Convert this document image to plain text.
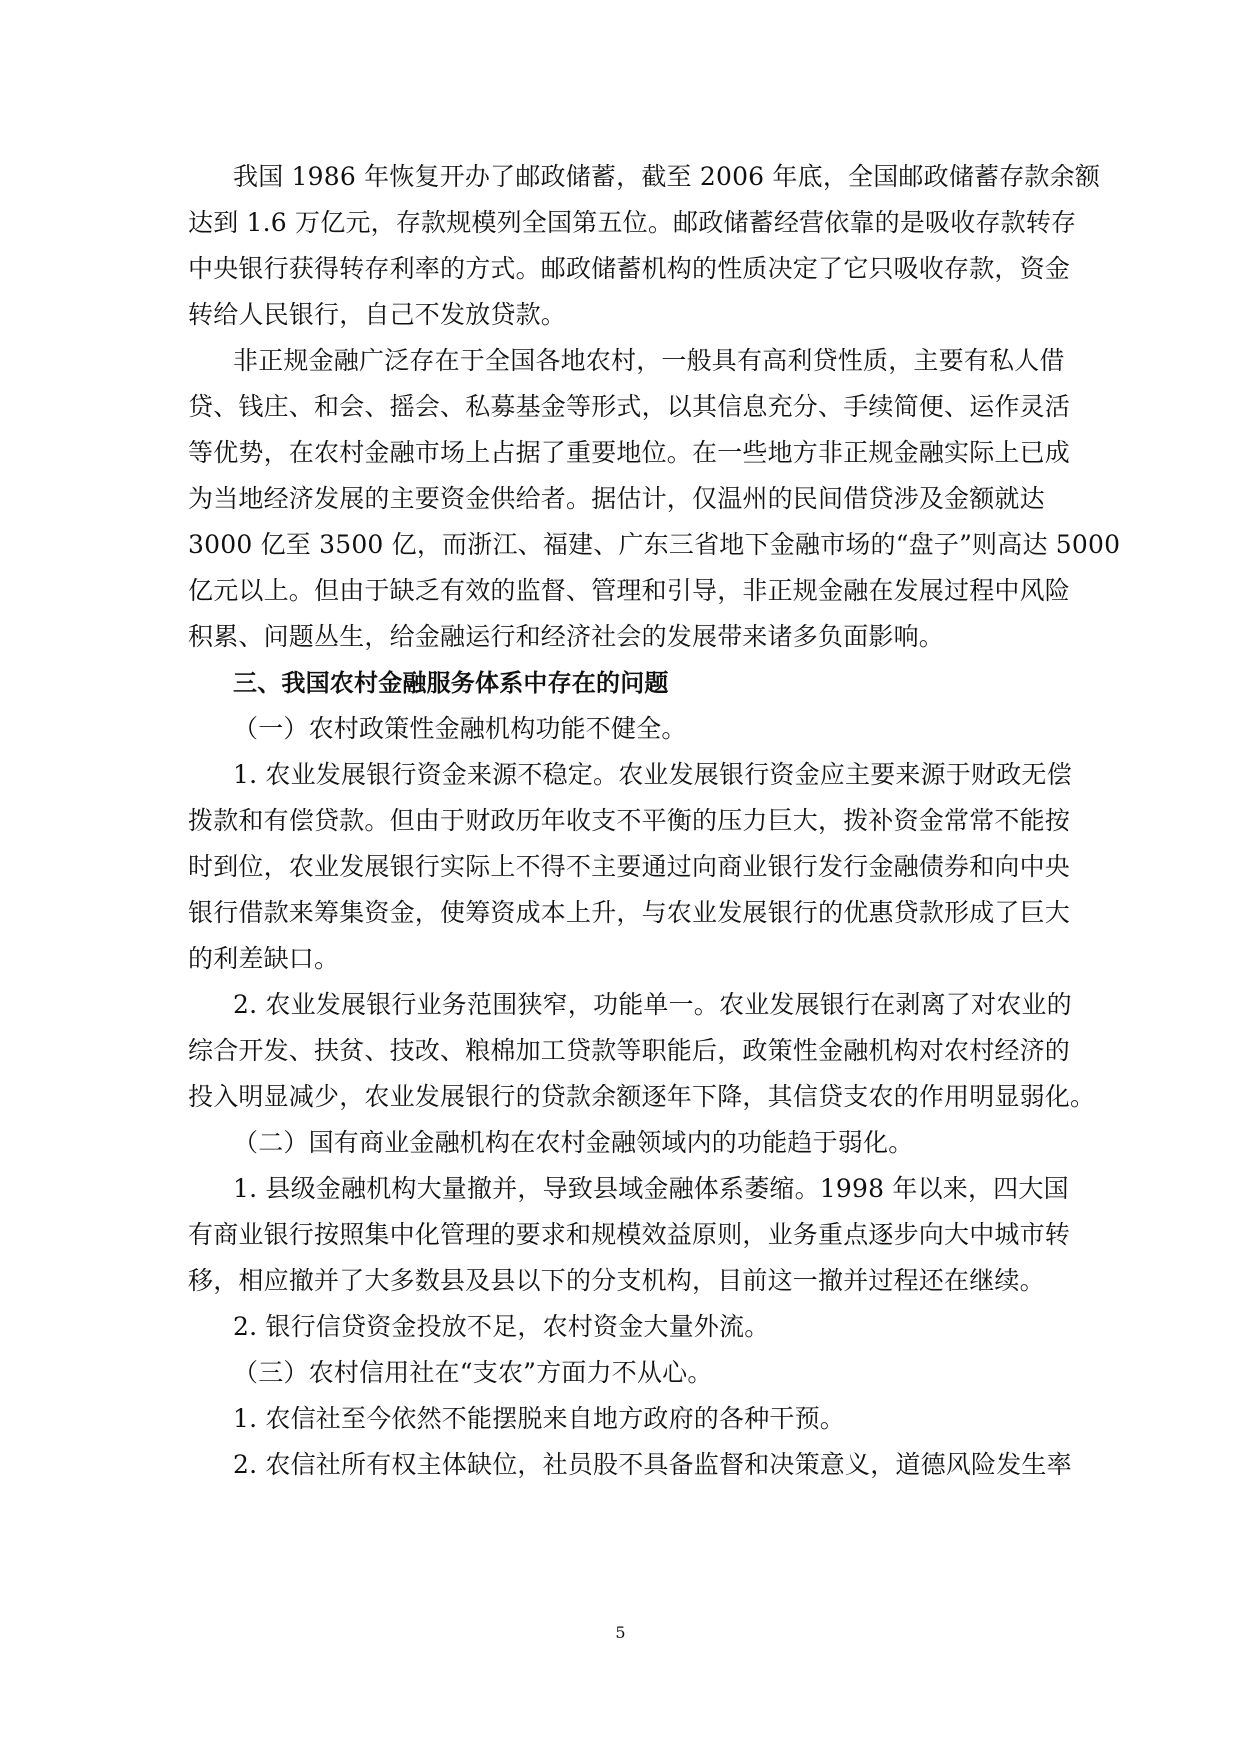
我国 1986 年恢复开办了邮政储蓄，截至 2006 年底，全国邮政储蓄存款余额
达到 1.6 万亿元，存款规模列全国第五位。邮政储蓄经营依靠的是吸收存款转存
中央银行获得转存利率的方式。邮政储蓄机构的性质决定了它只吸收存款，资金
转给人民银行，自己不发放贷款。
非正规金融广泛存在于全国各地农村，一般具有高利贷性质，主要有私人借
贷、钱庄、和会、摇会、私募基金等形式，以其信息充分、手续简便、运作灵活
等优势，在农村金融市场上占据了重要地位。在一些地方非正规金融实际上已成
为当地经济发展的主要资金供给者。据估计，仅温州的民间借贷涉及金额就达
3000 亿至 3500 亿，而浙江、福建、广东三省地下金融市场的“盘子”则高达 5000
亿元以上。但由于缺乏有效的监督、管理和引导，非正规金融在发展过程中风险
积累、问题丛生，给金融运行和经济社会的发展带来诸多负面影响。
三、我国农村金融服务体系中存在的问题
（一）农村政策性金融机构功能不健全。
1. 农业发展银行资金来源不稳定。农业发展银行资金应主要来源于财政无偿
拨款和有偿贷款。但由于财政历年收支不平衡的压力巨大，拨补资金常常不能按
时到位，农业发展银行实际上不得不主要通过向商业银行发行金融债券和向中央
银行借款来筹集资金，使筹资成本上升，与农业发展银行的优惠贷款形成了巨大
的利差缺口。
2. 农业发展银行业务范围狭窄，功能单一。农业发展银行在剥离了对农业的
综合开发、扶贫、技改、粮棉加工贷款等职能后，政策性金融机构对农村经济的
投入明显减少，农业发展银行的贷款余额逐年下降，其信贷支农的作用明显弱化。
（二）国有商业金融机构在农村金融领域内的功能趋于弱化。
1. 县级金融机构大量撤并，导致县域金融体系萎缩。1998 年以来，四大国
有商业银行按照集中化管理的要求和规模效益原则，业务重点逐步向大中城市转
移，相应撤并了大多数县及县以下的分支机构，目前这一撤并过程还在继续。
2. 银行信贷资金投放不足，农村资金大量外流。
（三）农村信用社在“支农”方面力不从心。
1. 农信社至今依然不能摆脱来自地方政府的各种干预。
2. 农信社所有权主体缺位，社员股不具备监督和决策意义，道德风险发生率
5
